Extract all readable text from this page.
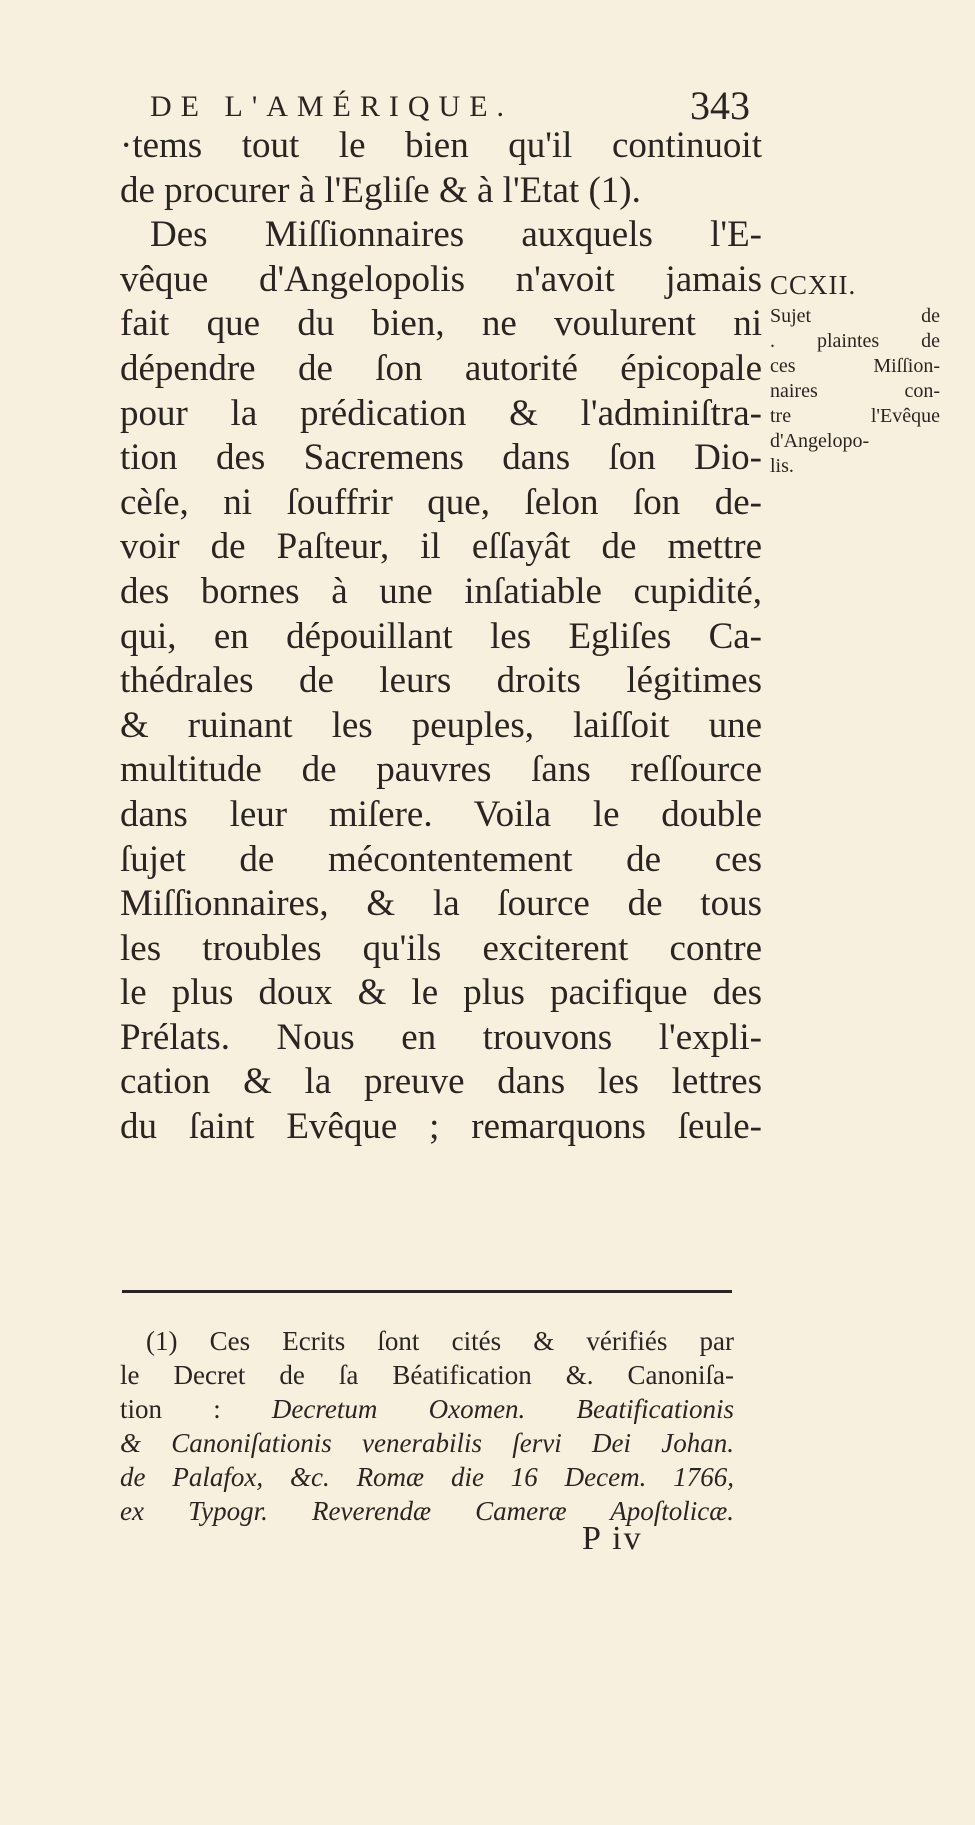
DE L'AMÉRIQUE.	343
·tems tout le bien qu'il continuoit
de procurer à l'Egliſe & à l'Etat (1).
Des Miſſionnaires auxquels l'E-
vêque d'Angelopolis n'avoit jamais
fait que du bien, ne voulurent ni
dépendre de ſon autorité épicopale
pour la prédication & l'adminiſtra-
tion des Sacremens dans ſon Dio-
cèſe, ni ſouffrir que, ſelon ſon de-
voir de Paſteur, il eſſayât de mettre
des bornes à une inſatiable cupidité,
qui, en dépouillant les Egliſes Ca-
thédrales de leurs droits légitimes
& ruinant les peuples, laiſſoit une
multitude de pauvres ſans reſſource
dans leur miſere. Voila le double
ſujet de mécontentement de ces
Miſſionnaires, & la ſource de tous
les troubles qu'ils exciterent contre
le plus doux & le plus pacifique des
Prélats. Nous en trouvons l'expli-
cation & la preuve dans les lettres
du ſaint Evêque ; remarquons ſeule-
CCXII.
Sujet de
. plaintes de
ces Miſſion-
naires con-
tre l'Evêque
d'Angelopo-
lis.
(1) Ces Ecrits ſont cités & vérifiés par
le Decret de ſa Béatification &. Canoniſa-
tion : Decretum Oxomen. Beatificationis
& Canoniſationis venerabilis ſervi Dei Johan.
de Palafox, &c. Romæ die 16 Decem. 1766,
ex Typogr. Reverendæ Cameræ Apoſtolicæ.
P iv
